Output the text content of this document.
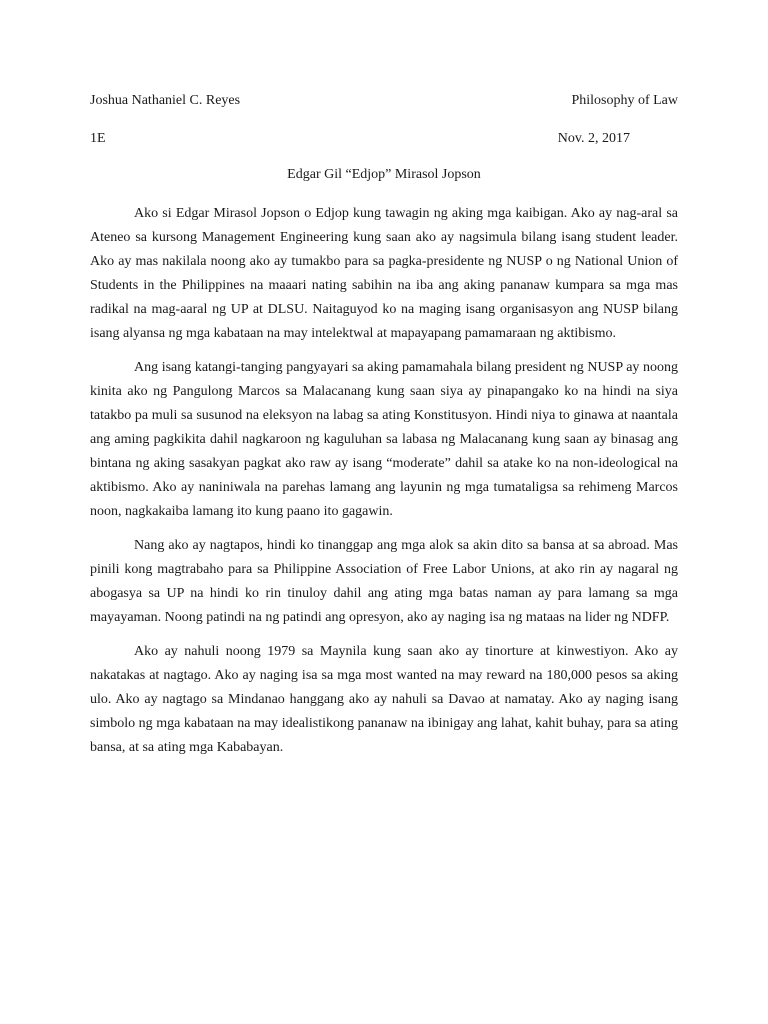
Joshua Nathaniel C. Reyes	Philosophy of Law
1E	Nov. 2, 2017
Edgar Gil “Edjop” Mirasol Jopson

Ako si Edgar Mirasol Jopson o Edjop kung tawagin ng aking mga kaibigan. Ako ay nag-aral sa Ateneo sa kursong Management Engineering kung saan ako ay nagsimula bilang isang student leader. Ako ay mas nakilala noong ako ay tumakbo para sa pagka-presidente ng NUSP o ng National Union of Students in the Philippines na maaari nating sabihin na iba ang aking pananaw kumpara sa mga mas radikal na mag-aaral ng UP at DLSU. Naitaguyod ko na maging isang organisasyon ang NUSP bilang isang alyansa ng mga kabataan na may intelektwal at mapayapang pamamaraan ng aktibismo.

Ang isang katangi-tanging pangyayari sa aking pamamahala bilang president ng NUSP ay noong kinita ako ng Pangulong Marcos sa Malacanang kung saan siya ay pinapangako ko na hindi na siya tatakbo pa muli sa susunod na eleksyon na labag sa ating Konstitusyon. Hindi niya to ginawa at naantala ang aming pagkikita dahil nagkaroon ng kaguluhan sa labasa ng Malacanang kung saan ay binasag ang bintana ng aking sasakyan pagkat ako raw ay isang “moderate” dahil sa atake ko na non-ideological na aktibismo. Ako ay naniniwala na parehas lamang ang layunin ng mga tumataligsa sa rehimeng Marcos noon, nagkakaiba lamang ito kung paano ito gagawin.

Nang ako ay nagtapos, hindi ko tinanggap ang mga alok sa akin dito sa bansa at sa abroad. Mas pinili kong magtrabaho para sa Philippine Association of Free Labor Unions, at ako rin ay nagaral ng abogasya sa UP na hindi ko rin tinuloy dahil ang ating mga batas naman ay para lamang sa mga mayayaman. Noong patindi na ng patindi ang opresyon, ako ay naging isa ng mataas na lider ng NDFP.

Ako ay nahuli noong 1979 sa Maynila kung saan ako ay tinorture at kinwestiyon. Ako ay nakatakas at nagtago. Ako ay naging isa sa mga most wanted na may reward na 180,000 pesos sa aking ulo. Ako ay nagtago sa Mindanao hanggang ako ay nahuli sa Davao at namatay. Ako ay naging isang simbolo ng mga kabataan na may idealistikong pananaw na ibinigay ang lahat, kahit buhay, para sa ating bansa, at sa ating mga Kababayan.
